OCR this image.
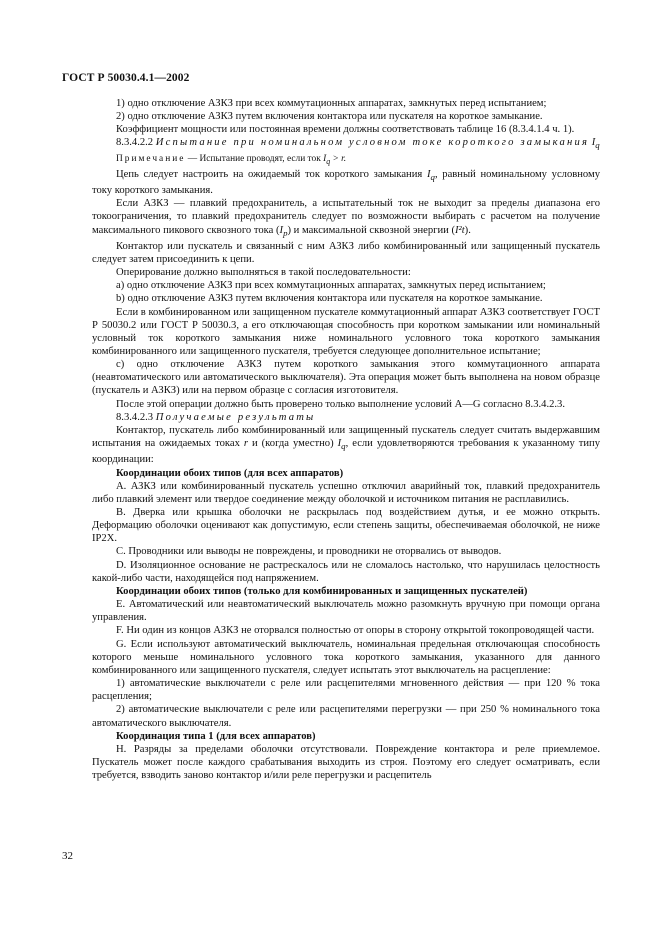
ГОСТ Р 50030.4.1—2002

1) одно отключение АЗКЗ при всех коммутационных аппаратах, замкнутых перед испытанием;

2) одно отключение АЗКЗ путем включения контактора или пускателя на короткое замыкание.

Коэффициент мощности или постоянная времени должны соответствовать таблице 16 (8.3.4.1.4 ч. 1).

8.3.4.2.2 Испытание при номинальном условном токе короткого замыкания $I_q$

Примечание — Испытание проводят, если ток $I_q > r$.

Цепь следует настроить на ожидаемый ток короткого замыкания $I_q$, равный номинальному условному току короткого замыкания.

Если АЗКЗ — плавкий предохранитель, а испытательный ток не выходит за пределы диапазона его токоограничения, то плавкий предохранитель следует по возможности выбирать с расчетом на получение максимального пикового сквозного тока $(I_p)$ и максимальной сквозной энергии (I²t).

Контактор или пускатель и связанный с ним АЗКЗ либо комбинированный или защищенный пускатель следует затем присоединить к цепи.

Оперирование должно выполняться в такой последовательности:

a) одно отключение АЗКЗ при всех коммутационных аппаратах, замкнутых перед испытанием;

b) одно отключение АЗКЗ путем включения контактора или пускателя на короткое замыкание.

Если в комбинированном или защищенном пускателе коммутационный аппарат АЗКЗ соответствует ГОСТ Р 50030.2 или ГОСТ Р 50030.3, а его отключающая способность при коротком замыкании или номинальный условный ток короткого замыкания ниже номинального условного тока короткого замыкания комбинированного или защищенного пускателя, требуется следующее дополнительное испытание;

c) одно отключение АЗКЗ путем короткого замыкания этого коммутационного аппарата (неавтоматического или автоматического выключателя). Эта операция может быть выполнена на новом образце (пускатель и АЗКЗ) или на первом образце с согласия изготовителя.

После этой операции должно быть проверено только выполнение условий A—G согласно 8.3.4.2.3.

8.3.4.2.3 Получаемые результаты

Контактор, пускатель либо комбинированный или защищенный пускатель следует считать выдержавшим испытания на ожидаемых токах r и (когда уместно) $I_q$, если удовлетворяются требования к указанному типу координации:

Координации обоих типов (для всех аппаратов)

A. АЗКЗ или комбинированный пускатель успешно отключил аварийный ток, плавкий предохранитель либо плавкий элемент или твердое соединение между оболочкой и источником питания не расплавились.

B. Дверка или крышка оболочки не раскрылась под воздействием дутья, и ее можно открыть. Деформацию оболочки оценивают как допустимую, если степень защиты, обеспечиваемая оболочкой, не ниже IP2X.

C. Проводники или выводы не повреждены, и проводники не оторвались от выводов.

D. Изоляционное основание не растрескалось или не сломалось настолько, что нарушилась целостность какой-либо части, находящейся под напряжением.

Координации обоих типов (только для комбинированных и защищенных пускателей)

E. Автоматический или неавтоматический выключатель можно разомкнуть вручную при помощи органа управления.

F. Ни один из концов АЗКЗ не оторвался полностью от опоры в сторону открытой токопроводящей части.

G. Если используют автоматический выключатель, номинальная предельная отключающая способность которого меньше номинального условного тока короткого замыкания, указанного для данного комбинированного или защищенного пускателя, следует испытать этот выключатель на расцепление:

1) автоматические выключатели с реле или расцепителями мгновенного действия — при 120 % тока расцепления;

2) автоматические выключатели с реле или расцепителями перегрузки — при 250 % номинального тока автоматического выключателя.

Координация типа 1 (для всех аппаратов)

H. Разряды за пределами оболочки отсутствовали. Повреждение контактора и реле приемлемое. Пускатель может после каждого срабатывания выходить из строя. Поэтому его следует осматривать, если требуется, взводить заново контактор и/или реле перегрузки и расцепитель

32
